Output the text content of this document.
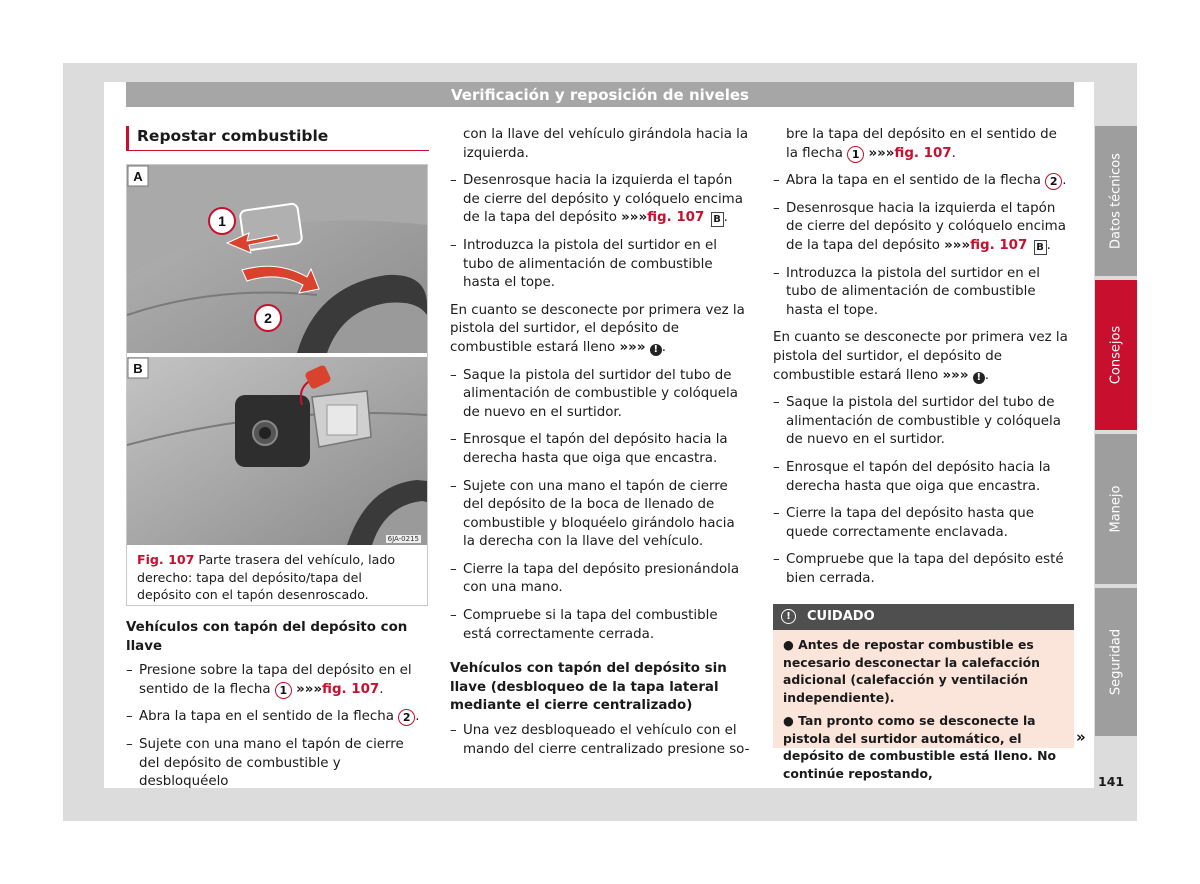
Verificación y reposición de niveles
Repostar combustible
1
2
A
B
6JA-0215
Fig. 107 Parte trasera del vehículo, lado derecho: tapa del depósito/tapa del depósito con el tapón desenroscado.
Vehículos con tapón del depósito con llave
– Presione sobre la tapa del depósito en el sentido de la flecha 1 »»»fig. 107.
– Abra la tapa en el sentido de la flecha 2 .
– Sujete con una mano el tapón de cierre del depósito de combustible y desbloquéelo

con la llave del vehículo girándola hacia la izquierda.

– Desenrosque hacia la izquierda el tapón de cierre del depósito y colóquelo encima de la tapa del depósito »»»fig. 107 B .
– Introduzca la pistola del surtidor en el tubo de alimentación de combustible hasta el tope.

En cuanto se desconecte por primera vez la pistola del surtidor, el depósito de combustible estará lleno »»» ! .

– Saque la pistola del surtidor del tubo de alimentación de combustible y colóquela de nuevo en el surtidor.
– Enrosque el tapón del depósito hacia la derecha hasta que oiga que encastra.
– Sujete con una mano el tapón de cierre del depósito de la boca de llenado de combustible y bloquéelo girándolo hacia la derecha con la llave del vehículo.
– Cierre la tapa del depósito presionándola con una mano.
– Compruebe si la tapa del combustible está correctamente cerrada.
Vehículos con tapón del depósito sin llave (desbloqueo de la tapa lateral mediante el cierre centralizado)
– Una vez desbloqueado el vehículo con el mando del cierre centralizado presione so-

bre la tapa del depósito en el sentido de la flecha 1 »»»fig. 107.

– Abra la tapa en el sentido de la flecha 2 .
– Desenrosque hacia la izquierda el tapón de cierre del depósito y colóquelo encima de la tapa del depósito »»»fig. 107 B .
– Introduzca la pistola del surtidor en el tubo de alimentación de combustible hasta el tope.

En cuanto se desconecte por primera vez la pistola del surtidor, el depósito de combustible estará lleno »»» ! .

– Saque la pistola del surtidor del tubo de alimentación de combustible y colóquela de nuevo en el surtidor.
– Enrosque el tapón del depósito hacia la derecha hasta que oiga que encastra.
– Cierre la tapa del depósito hasta que quede correctamente enclavada.
– Compruebe que la tapa del depósito esté bien cerrada.
!	CUIDADO

● Antes de repostar combustible es necesario desconectar la calefacción adicional (calefacción y ventilación independiente).

● Tan pronto como se desconecte la pistola del surtidor automático, el depósito de combustible está lleno. No continúe repostando,

»
Datos técnicos
Consejos
Manejo
Seguridad
141
